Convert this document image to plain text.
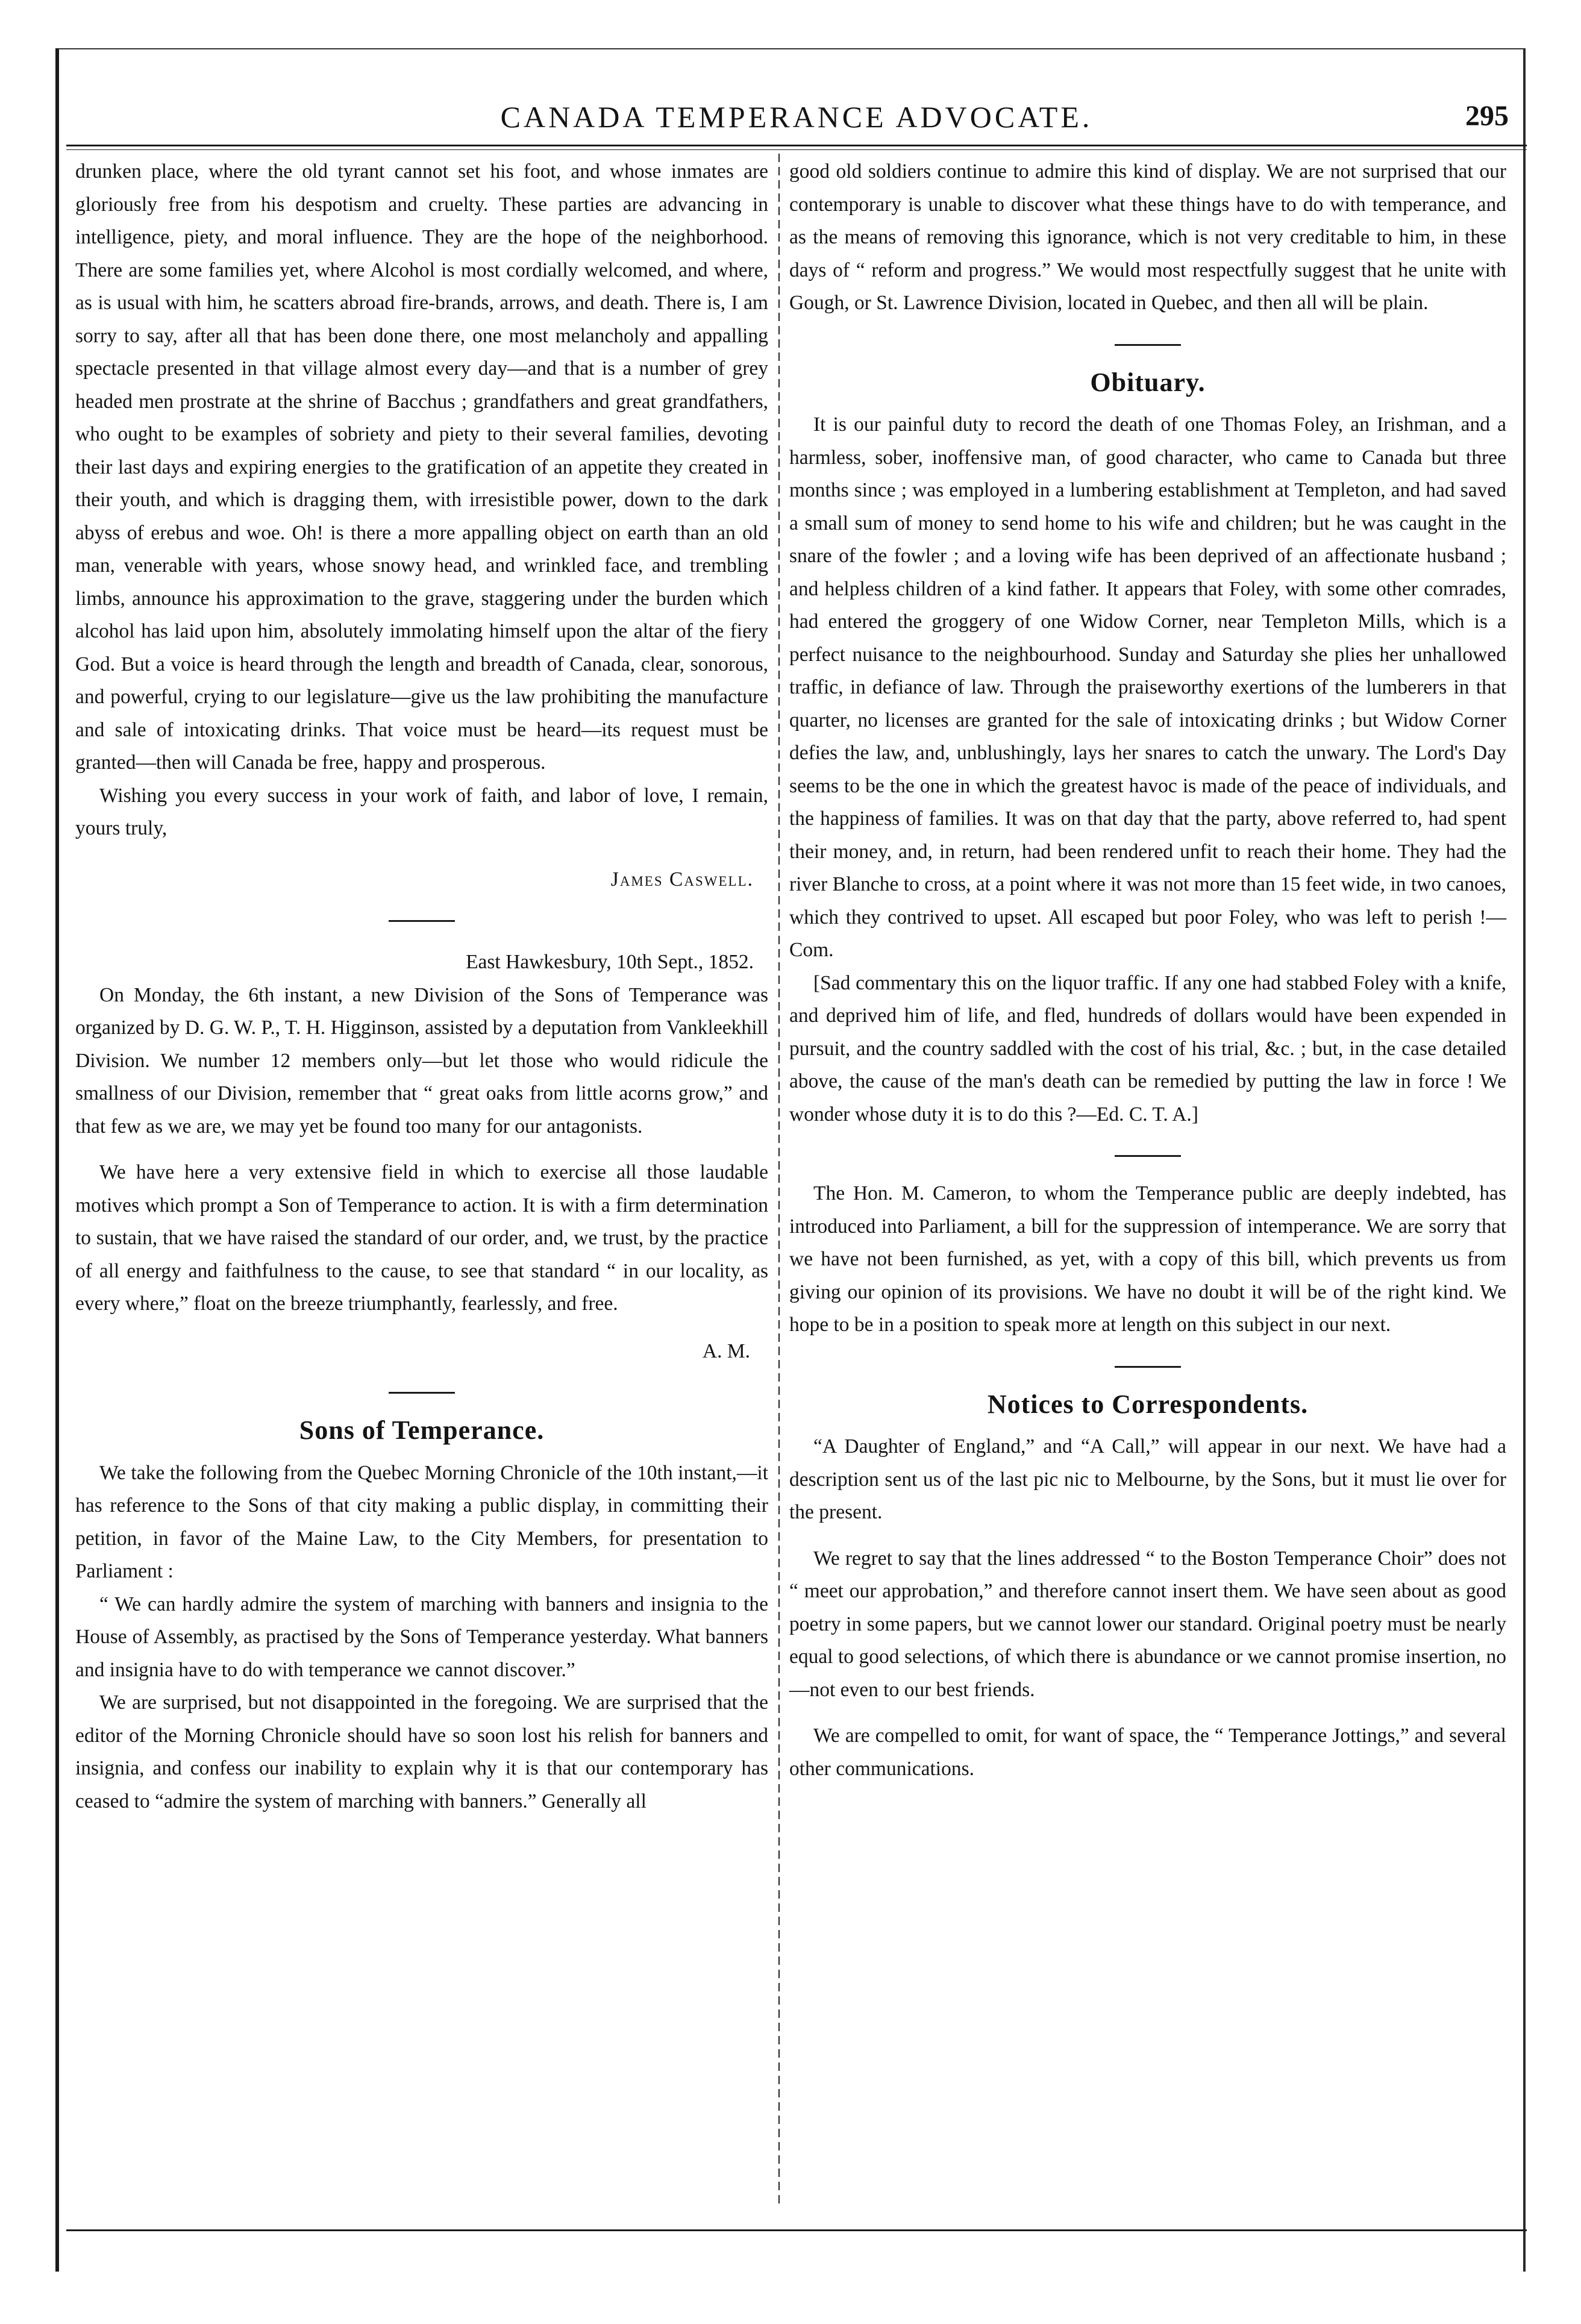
CANADA TEMPERANCE ADVOCATE.	295

drunken place, where the old tyrant cannot set his foot, and whose inmates are gloriously free from his despotism and cruelty. These parties are advancing in intelligence, piety, and moral influence. They are the hope of the neighborhood. There are some families yet, where Alcohol is most cordially welcomed, and where, as is usual with him, he scatters abroad fire-brands, arrows, and death. There is, I am sorry to say, after all that has been done there, one most melancholy and appalling spectacle presented in that village almost every day—and that is a number of grey headed men prostrate at the shrine of Bacchus ; grandfathers and great grandfathers, who ought to be examples of sobriety and piety to their several families, devoting their last days and expiring energies to the gratification of an appetite they created in their youth, and which is dragging them, with irresistible power, down to the dark abyss of erebus and woe. Oh! is there a more appalling object on earth than an old man, venerable with years, whose snowy head, and wrinkled face, and trembling limbs, announce his approximation to the grave, staggering under the burden which alcohol has laid upon him, absolutely immolating himself upon the altar of the fiery God. But a voice is heard through the length and breadth of Canada, clear, sonorous, and powerful, crying to our legislature—give us the law prohibiting the manufacture and sale of intoxicating drinks. That voice must be heard—its request must be granted—then will Canada be free, happy and prosperous.

Wishing you every success in your work of faith, and labor of love, I remain, yours truly,

James Caswell.

East Hawkesbury, 10th Sept., 1852.

On Monday, the 6th instant, a new Division of the Sons of Temperance was organized by D. G. W. P., T. H. Higginson, assisted by a deputation from Vankleekhill Division. We number 12 members only—but let those who would ridicule the smallness of our Division, remember that “ great oaks from little acorns grow,” and that few as we are, we may yet be found too many for our antagonists.

We have here a very extensive field in which to exercise all those laudable motives which prompt a Son of Temperance to action. It is with a firm determination to sustain, that we have raised the standard of our order, and, we trust, by the practice of all energy and faithfulness to the cause, to see that standard “ in our locality, as every where,” float on the breeze triumphantly, fearlessly, and free.

A. M.

Sons of Temperance.

We take the following from the Quebec Morning Chronicle of the 10th instant,—it has reference to the Sons of that city making a public display, in committing their petition, in favor of the Maine Law, to the City Members, for presentation to Parliament :

“ We can hardly admire the system of marching with banners and insignia to the House of Assembly, as practised by the Sons of Temperance yesterday. What banners and insignia have to do with temperance we cannot discover.”

We are surprised, but not disappointed in the foregoing. We are surprised that the editor of the Morning Chronicle should have so soon lost his relish for banners and insignia, and confess our inability to explain why it is that our contemporary has ceased to “admire the system of marching with banners.” Generally all

good old soldiers continue to admire this kind of display. We are not surprised that our contemporary is unable to discover what these things have to do with temperance, and as the means of removing this ignorance, which is not very creditable to him, in these days of “ reform and progress.” We would most respectfully suggest that he unite with Gough, or St. Lawrence Division, located in Quebec, and then all will be plain.

Obituary.

It is our painful duty to record the death of one Thomas Foley, an Irishman, and a harmless, sober, inoffensive man, of good character, who came to Canada but three months since ; was employed in a lumbering establishment at Templeton, and had saved a small sum of money to send home to his wife and children; but he was caught in the snare of the fowler ; and a loving wife has been deprived of an affectionate husband ; and helpless children of a kind father. It appears that Foley, with some other comrades, had entered the groggery of one Widow Corner, near Templeton Mills, which is a perfect nuisance to the neighbourhood. Sunday and Saturday she plies her unhallowed traffic, in defiance of law. Through the praiseworthy exertions of the lumberers in that quarter, no licenses are granted for the sale of intoxicating drinks ; but Widow Corner defies the law, and, unblushingly, lays her snares to catch the unwary. The Lord's Day seems to be the one in which the greatest havoc is made of the peace of individuals, and the happiness of families. It was on that day that the party, above referred to, had spent their money, and, in return, had been rendered unfit to reach their home. They had the river Blanche to cross, at a point where it was not more than 15 feet wide, in two canoes, which they contrived to upset. All escaped but poor Foley, who was left to perish !—Com.

[Sad commentary this on the liquor traffic. If any one had stabbed Foley with a knife, and deprived him of life, and fled, hundreds of dollars would have been expended in pursuit, and the country saddled with the cost of his trial, &c. ; but, in the case detailed above, the cause of the man's death can be remedied by putting the law in force ! We wonder whose duty it is to do this ?—Ed. C. T. A.]

The Hon. M. Cameron, to whom the Temperance public are deeply indebted, has introduced into Parliament, a bill for the suppression of intemperance. We are sorry that we have not been furnished, as yet, with a copy of this bill, which prevents us from giving our opinion of its provisions. We have no doubt it will be of the right kind. We hope to be in a position to speak more at length on this subject in our next.

Notices to Correspondents.

“A Daughter of England,” and “A Call,” will appear in our next. We have had a description sent us of the last pic nic to Melbourne, by the Sons, but it must lie over for the present.

We regret to say that the lines addressed “ to the Boston Temperance Choir” does not “ meet our approbation,” and therefore cannot insert them. We have seen about as good poetry in some papers, but we cannot lower our standard. Original poetry must be nearly equal to good selections, of which there is abundance or we cannot promise insertion, no—not even to our best friends.

We are compelled to omit, for want of space, the “ Temperance Jottings,” and several other communications.
